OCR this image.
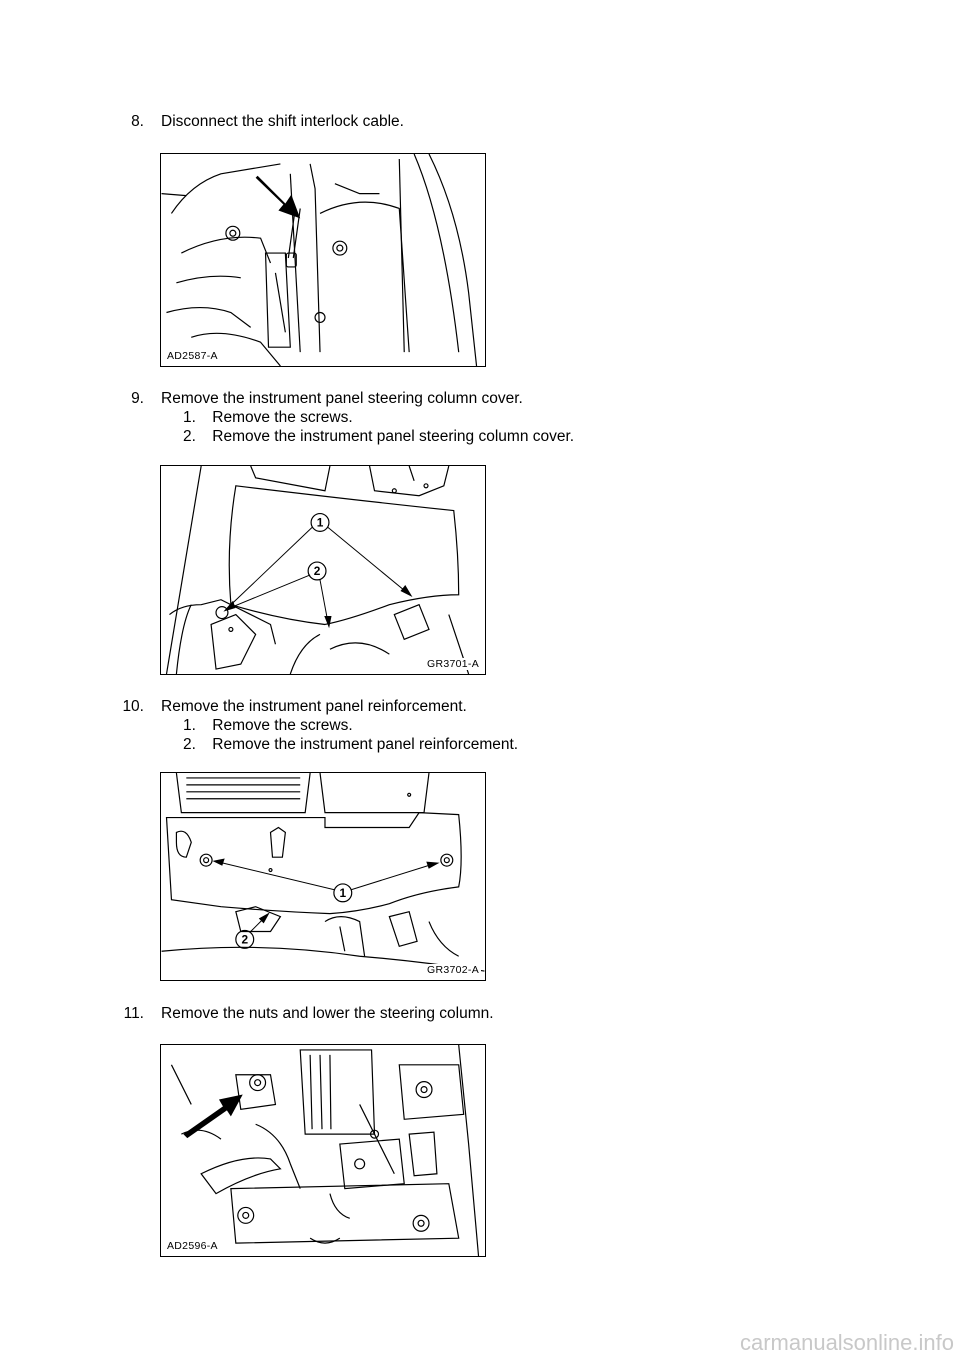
8. Disconnect the shift interlock cable.
AD2587-A
9. Remove the instrument panel steering column cover.
1. Remove the screws.
2. Remove the instrument panel steering column cover.
1
2
GR3701-A
10. Remove the instrument panel reinforcement.
1. Remove the screws.
2. Remove the instrument panel reinforcement.
1
2
GR3702-A
11. Remove the nuts and lower the steering column.
AD2596-A
carmanualsonline.info
